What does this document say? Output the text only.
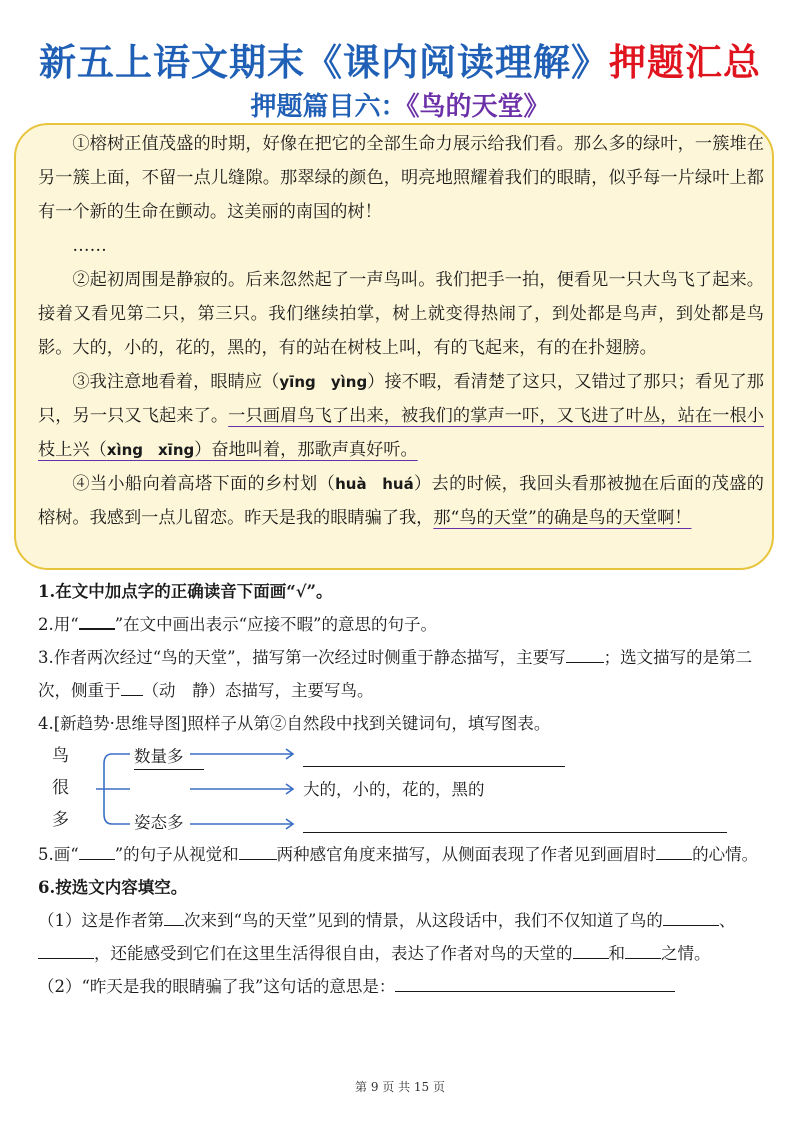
新五上语文期末《课内阅读理解》押题汇总
押题篇目六：《鸟的天堂》

①榕树正值茂盛的时期，好像在把它的全部生命力展示给我们看。那么多的绿叶，一簇堆在另一簇上面，不留一点儿缝隙。那翠绿的颜色，明亮地照耀着我们的眼睛，似乎每一片绿叶上都有一个新的生命在颤动。这美丽的南国的树！

……

②起初周围是静寂的。后来忽然起了一声鸟叫。我们把手一拍，便看见一只大鸟飞了起来。接着又看见第二只，第三只。我们继续拍掌，树上就变得热闹了，到处都是鸟声，到处都是鸟影。大的，小的，花的，黑的，有的站在树枝上叫，有的飞起来，有的在扑翅膀。

③我注意地看着，眼睛应（yīng　yìng）接不暇，看清楚了这只，又错过了那只；看见了那只，另一只又飞起来了。一只画眉鸟飞了出来，被我们的掌声一吓，又飞进了叶丛，站在一根小枝上兴（xìng　xīng）奋地叫着，那歌声真好听。

④当小船向着高塔下面的乡村划（huà　huá）去的时候，我回头看那被抛在后面的茂盛的榕树。我感到一点儿留恋。昨天是我的眼睛骗了我，那“鸟的天堂”的确是鸟的天堂啊！

1.在文中加点字的正确读音下面画“√”。

2.用“ ”在文中画出表示“应接不暇”的意思的句子。

3.作者两次经过“鸟的天堂”，描写第一次经过时侧重于静态描写，主要写 ；选文描写的是第二次，侧重于 （动　静）态描写，主要写鸟。

4.[新趋势·思维导图]照样子从第②自然段中找到关键词句，填写图表。

鸟
很
多
数量多
姿态多
大的，小的，花的，黑的

5.画“ ”的句子从视觉和 两种感官角度来描写，从侧面表现了作者见到画眉时 的心情。

6.按选文内容填空。

（1）这是作者第 次来到“鸟的天堂”见到的情景，从这段话中，我们不仅知道了鸟的	、，还能感受到它们在这里生活得很自由，表达了作者对鸟的天堂的 和 之情。

（2）“昨天是我的眼睛骗了我”这句话的意思是：

第 9 页 共 15 页
